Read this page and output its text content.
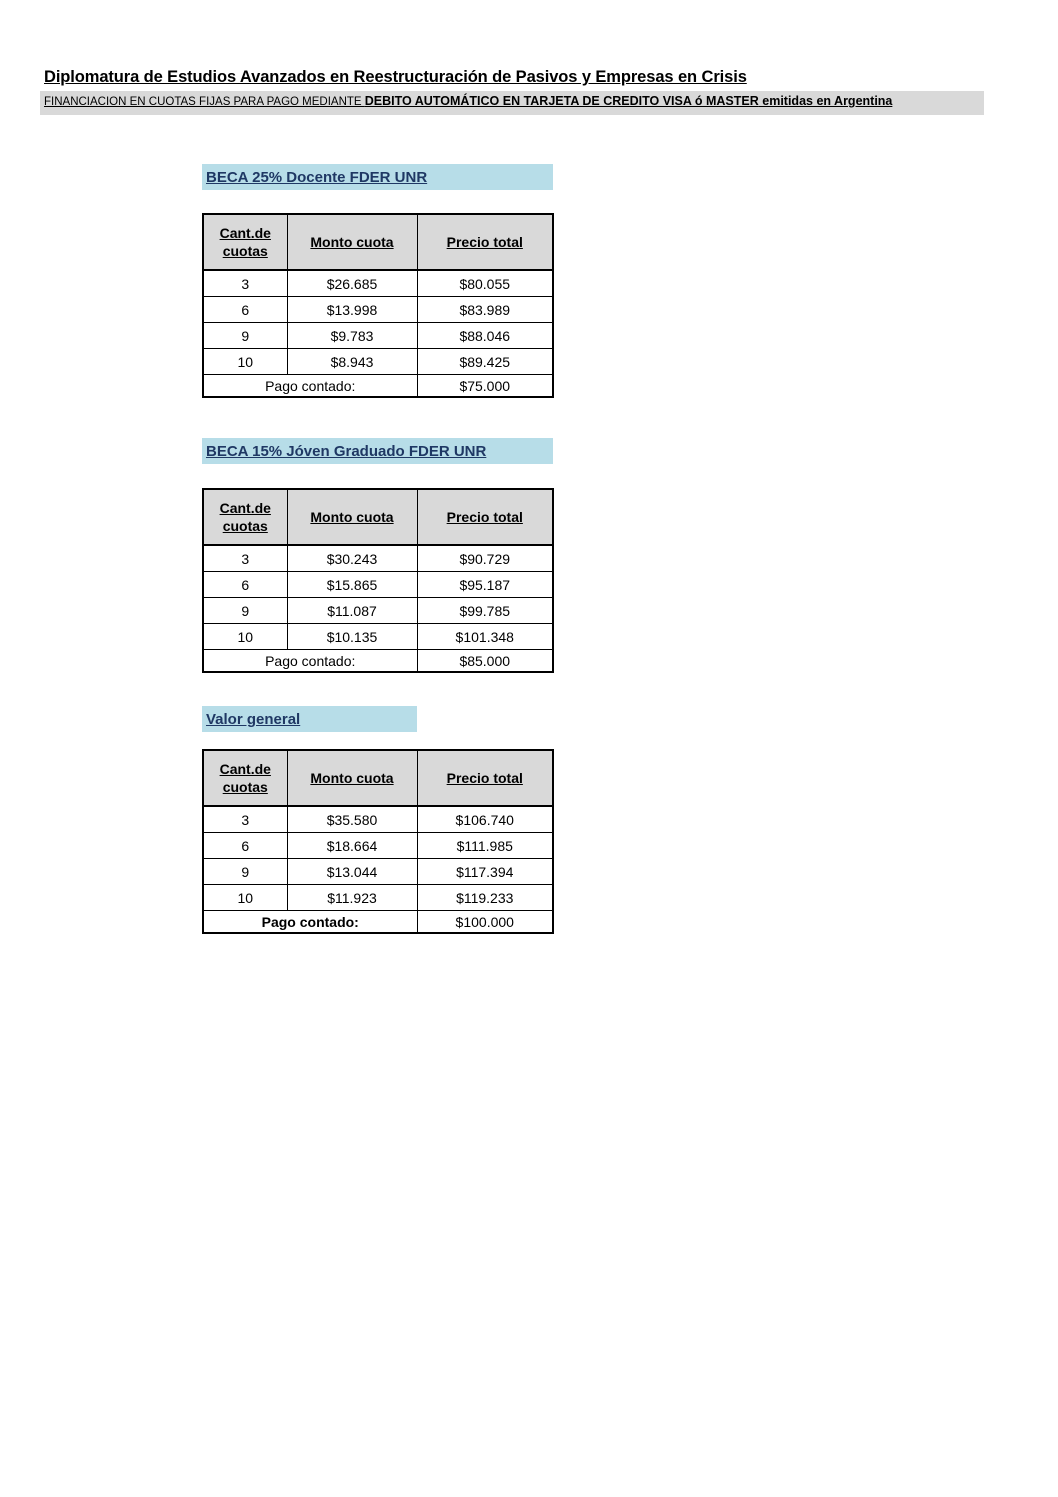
Diplomatura de Estudios Avanzados en Reestructuración de Pasivos y Empresas en Crisis
FINANCIACION EN CUOTAS FIJAS PARA PAGO MEDIANTE DEBITO AUTOMÁTICO EN TARJETA DE CREDITO VISA ó MASTER emitidas en Argentina
BECA 25% Docente FDER UNR
Cant.de cuotas	Monto cuota	Precio total
3	$26.685	$80.055
6	$13.998	$83.989
9	$9.783	$88.046
10	$8.943	$89.425
Pago contado:		$75.000
BECA 15% Jóven Graduado FDER UNR
Cant.de cuotas	Monto cuota	Precio total
3	$30.243	$90.729
6	$15.865	$95.187
9	$11.087	$99.785
10	$10.135	$101.348
Pago contado:		$85.000
Valor general
Cant.de cuotas	Monto cuota	Precio total
3	$35.580	$106.740
6	$18.664	$111.985
9	$13.044	$117.394
10	$11.923	$119.233
Pago contado:		$100.000
